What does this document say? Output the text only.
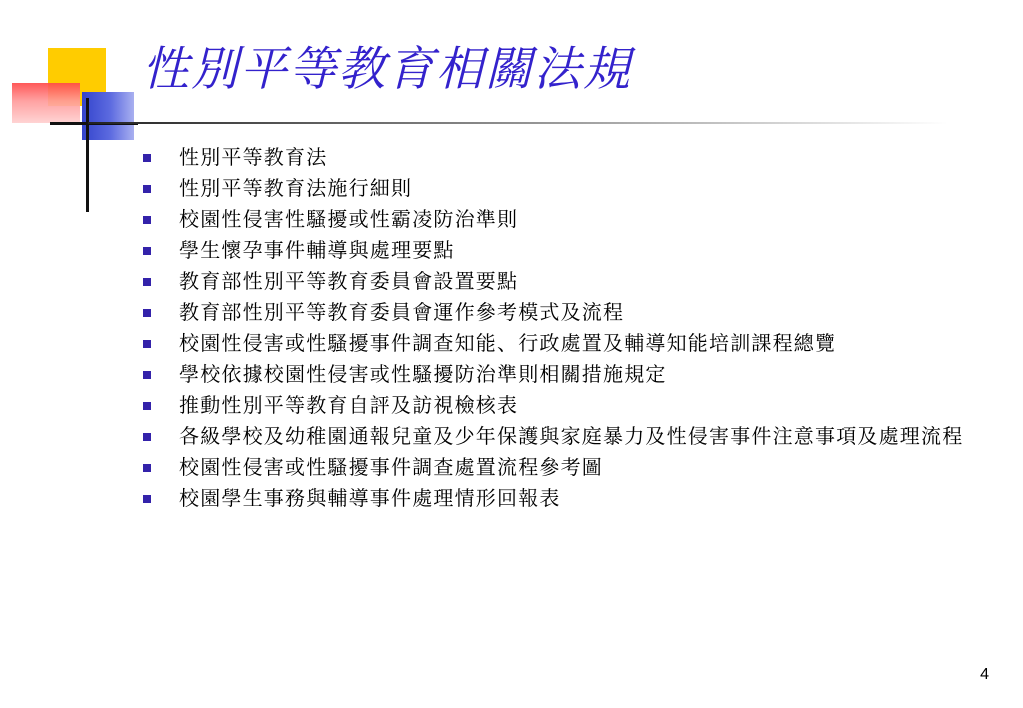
性別平等教育相關法規
性別平等教育法
性別平等教育法施行細則
校園性侵害性騷擾或性霸凌防治準則
學生懷孕事件輔導與處理要點
教育部性別平等教育委員會設置要點
教育部性別平等教育委員會運作參考模式及流程
校園性侵害或性騷擾事件調查知能、行政處置及輔導知能培訓課程總覽
學校依據校園性侵害或性騷擾防治準則相關措施規定
推動性別平等教育自評及訪視檢核表
各級學校及幼稚園通報兒童及少年保護與家庭暴力及性侵害事件注意事項及處理流程
校園性侵害或性騷擾事件調查處置流程參考圖
校園學生事務與輔導事件處理情形回報表
4
